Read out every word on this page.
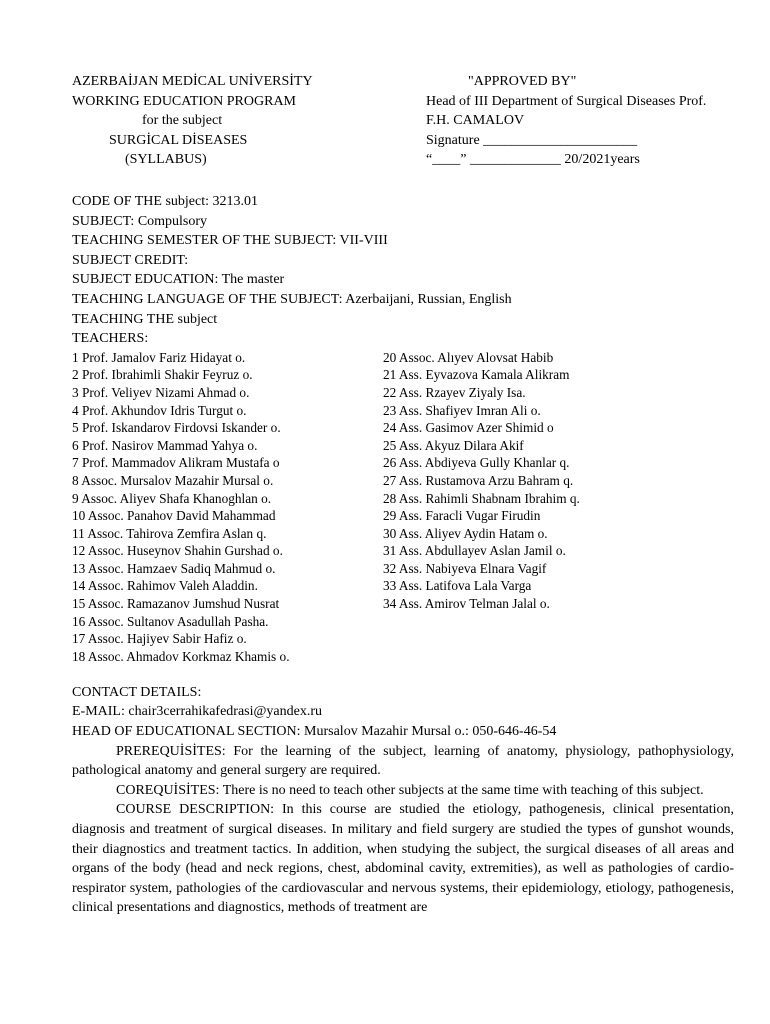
AZERBAİJAN MEDİCAL UNİVERSİTY
WORKING EDUCATION PROGRAM
for the subject
SURGİCAL DİSEASES
(SYLLABUS)
"APPROVED BY"
Head of III Department of Surgical Diseases Prof.
F.H. CAMALOV
Signature ______________________
“____” _____________ 20/2021years
CODE OF THE subject: 3213.01
SUBJECT: Compulsory
TEACHING SEMESTER OF THE SUBJECT: VII-VIII
SUBJECT CREDIT:
SUBJECT EDUCATION: The master
TEACHING LANGUAGE OF THE SUBJECT: Azerbaijani, Russian, English
TEACHING THE subject
TEACHERS:
1 Prof. Jamalov Fariz Hidayat o.
2 Prof. Ibrahimli Shakir Feyruz o.
3 Prof. Veliyev Nizami Ahmad o.
4 Prof. Akhundov Idris Turgut o.
5 Prof. Iskandarov Firdovsi Iskander o.
6 Prof. Nasirov Mammad Yahya o.
7 Prof. Mammadov Alikram Mustafa o
8 Assoc. Mursalov Mazahir Mursal o.
9 Assoc. Aliyev Shafa Khanoghlan o.
10 Assoc. Panahov David Mahammad
11 Assoc. Tahirova Zemfira Aslan q.
12 Assoc. Huseynov Shahin Gurshad o.
13 Assoc. Hamzaev Sadiq Mahmud o.
14 Assoc. Rahimov Valeh Aladdin.
15 Assoc. Ramazanov Jumshud Nusrat
16 Assoc. Sultanov Asadullah Pasha.
17 Assoc. Hajiyev Sabir Hafiz o.
18 Assoc. Ahmadov Korkmaz Khamis o.
20 Assoc. Alıyev Alovsat Habib
21 Ass. Eyvazova Kamala Alikram
22 Ass. Rzayev Ziyaly Isa.
23 Ass. Shafiyev Imran Ali o.
24 Ass. Gasimov Azer Shimid o
25 Ass. Akyuz Dilara Akif
26 Ass. Abdiyeva Gully Khanlar q.
27 Ass. Rustamova Arzu Bahram q.
28 Ass. Rahimli Shabnam Ibrahim q.
29 Ass. Faracli Vugar Firudin
30 Ass. Aliyev Aydin Hatam o.
31 Ass. Abdullayev Aslan Jamil o.
32 Ass. Nabiyeva Elnara Vagif
33 Ass. Latifova Lala Varga
34 Ass. Amirov Telman Jalal o.
CONTACT DETAILS:
E-MAIL: chair3cerrahikafedrasi@yandex.ru
HEAD OF EDUCATIONAL SECTION: Mursalov Mazahir Mursal o.: 050-646-46-54

PREREQUİSİTES: For the learning of the subject, learning of anatomy, physiology, pathophysiology, pathological anatomy and general surgery are required.

COREQUİSİTES: There is no need to teach other subjects at the same time with teaching of this subject.

COURSE DESCRIPTION: In this course are studied the etiology, pathogenesis, clinical presentation, diagnosis and treatment of surgical diseases. In military and field surgery are studied the types of gunshot wounds, their diagnostics and treatment tactics. In addition, when studying the subject, the surgical diseases of all areas and organs of the body (head and neck regions, chest, abdominal cavity, extremities), as well as pathologies of cardio-respirator system, pathologies of the cardiovascular and nervous systems, their epidemiology, etiology, pathogenesis, clinical presentations and diagnostics, methods of treatment are
